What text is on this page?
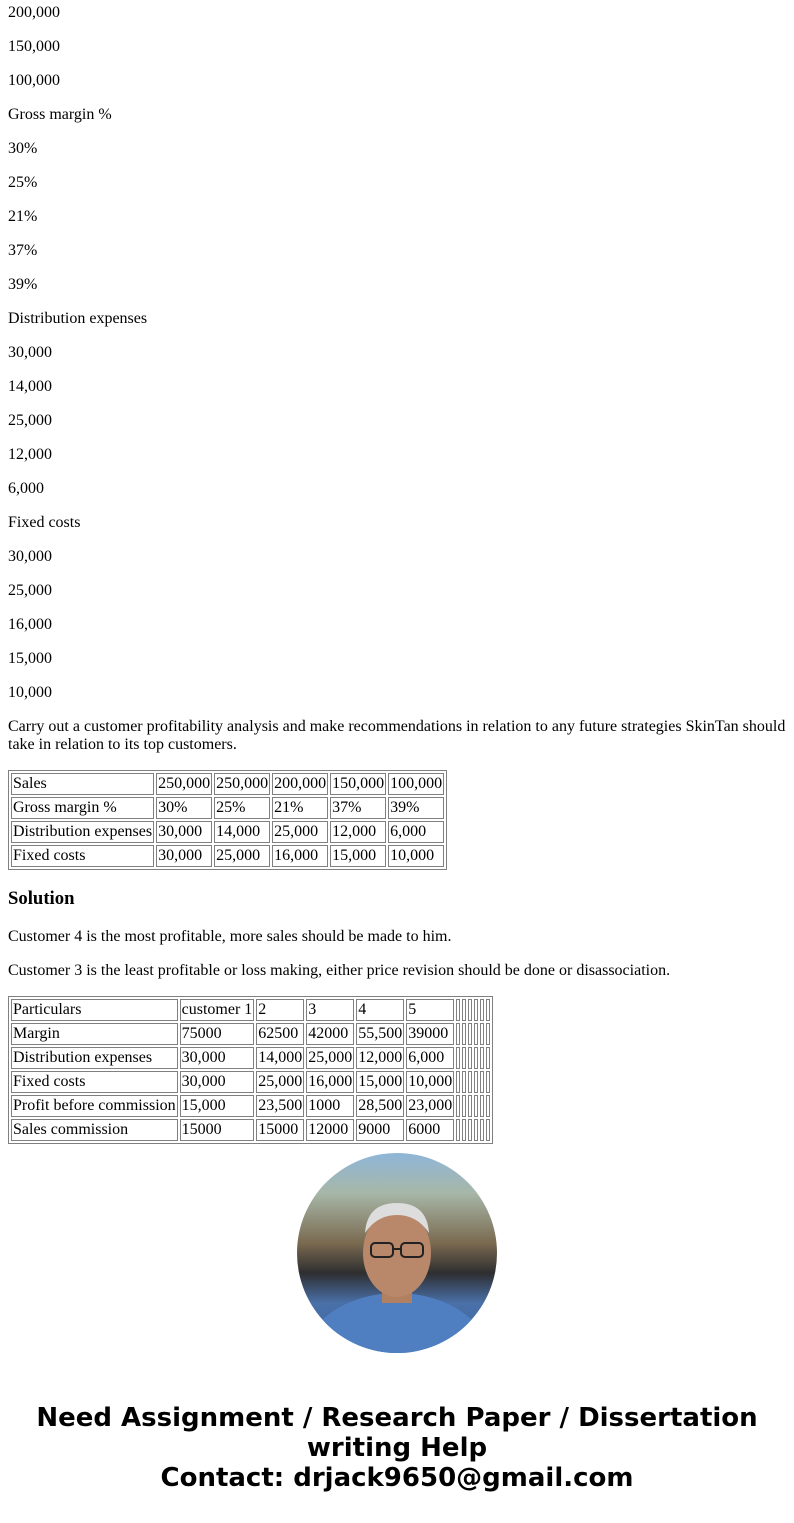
200,000

150,000

100,000

Gross margin %

30%

25%

21%

37%

39%

Distribution expenses

30,000

14,000

25,000

12,000

6,000

Fixed costs

30,000

25,000

16,000

15,000

10,000

Carry out a customer profitability analysis and make recommendations in relation to any future strategies SkinTan should take in relation to its top customers.

Sales	250,000	250,000	200,000	150,000	100,000
Gross margin %	30%	25%	21%	37%	39%
Distribution expenses	30,000	14,000	25,000	12,000	6,000
Fixed costs	30,000	25,000	16,000	15,000	10,000
Solution

Customer 4 is the most profitable, more sales should be made to him.

Customer 3 is the least profitable or loss making, either price revision should be done or disassociation.

Particulars	customer 1	2	3	4	5						
Margin	75000	62500	42000	55,500	39000						
Distribution expenses	30,000	14,000	25,000	12,000	6,000						
Fixed costs	30,000	25,000	16,000	15,000	10,000						
Profit before commission	15,000	23,500	1000	28,500	23,000						
Sales commission	15000	15000	12000	9000	6000						
Need Assignment / Research Paper / Dissertation writing Help
Contact: drjack9650@gmail.com
